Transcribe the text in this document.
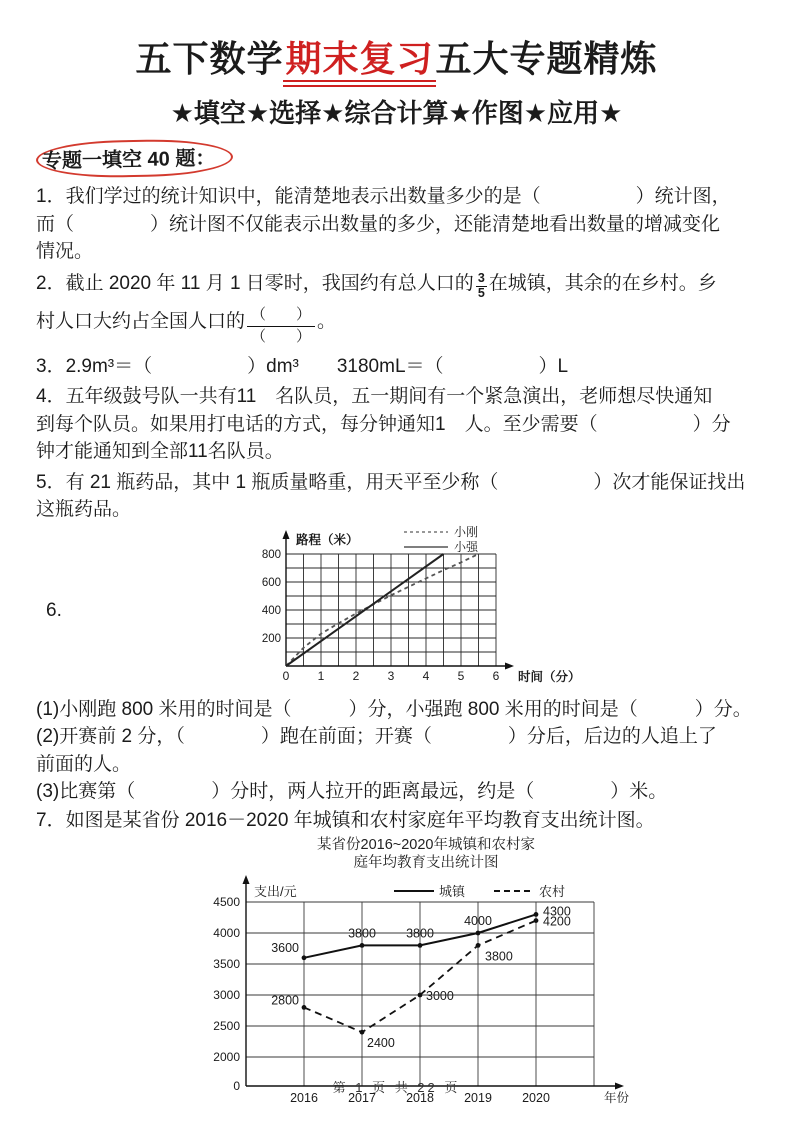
五下数学期末复习五大专题精炼
★填空★选择★综合计算★作图★应用★
专题一填空 40 题：
1．我们学过的统计知识中，能清楚地表示出数量多少的是（　　　　　）统计图，
而（　　　　）统计图不仅能表示出数量的多少，还能清楚地看出数量的增减变化
情况。
2．截止 2020 年 11 月 1 日零时，我国约有总人口的 $\frac{3}{5}$ 在城镇，其余的在乡村。乡
村人口大约占全国人口的 $\frac{( )}{( )}$ 。
3．2.9m³＝（　　　　　）dm³　　3180mL＝（　　　　　）L
4．五年级鼓号队一共有11　名队员，五一期间有一个紧急演出，老师想尽快通知
到每个队员。如果用打电话的方式，每分钟通知1　人。至少需要（　　　　　）分
钟才能通知到全部11名队员。
5．有 21 瓶药品，其中 1 瓶质量略重，用天平至少称（　　　　　）次才能保证找出
这瓶药品。
6.
200
400
600
800
0 1 2 3 4 5 6
路程（米）
时间（分）
小刚
小强
(1)小刚跑 800 米用的时间是（　　　）分，小强跑 800 米用的时间是（　　　）分。
(2)开赛前 2 分，（　　　　）跑在前面；开赛（　　　　）分后，后边的人追上了
前面的人。
(3)比赛第（　　　　）分时，两人拉开的距离最远，约是（　　　　）米。
7．如图是某省份 2016－2020 年城镇和农村家庭年平均教育支出统计图。
某省份2016~2020年城镇和农村家
庭年均教育支出统计图
4500
4000
3500
3000
2500
2000
0
2016 2017 2018 2019 2020	年份
支出/元	城镇	农村
3600
3800 3800
4000
4300
2800
2400
3000
3800
4200
第 1 页 共 22 页
